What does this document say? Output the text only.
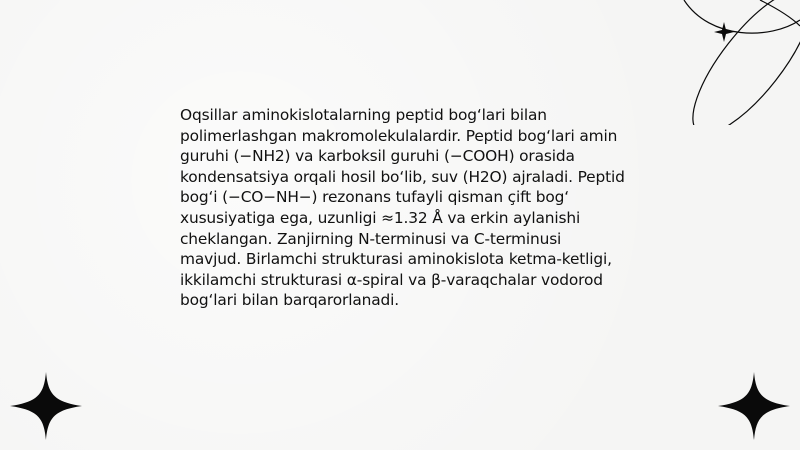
Oqsillar aminokislotalarning peptid bog‘lari bilan polimerlashgan makromolekulalardir. Peptid bog‘lari amin guruhi (−NH2) va karboksil guruhi (−COOH) orasida kondensatsiya orqali hosil bo‘lib, suv (H2O) ajraladi. Peptid bog‘i (−CO−NH−) rezonans tufayli qisman çift bog‘ xususiyatiga ega, uzunligi ≈1.32 Å va erkin aylanishi cheklangan. Zanjirning N-terminusi va C-terminusi mavjud. Birlamchi strukturasi aminokislota ketma-ketligi, ikkilamchi strukturasi α-spiral va β-varaqchalar vodorod bog‘lari bilan barqarorlanadi.
